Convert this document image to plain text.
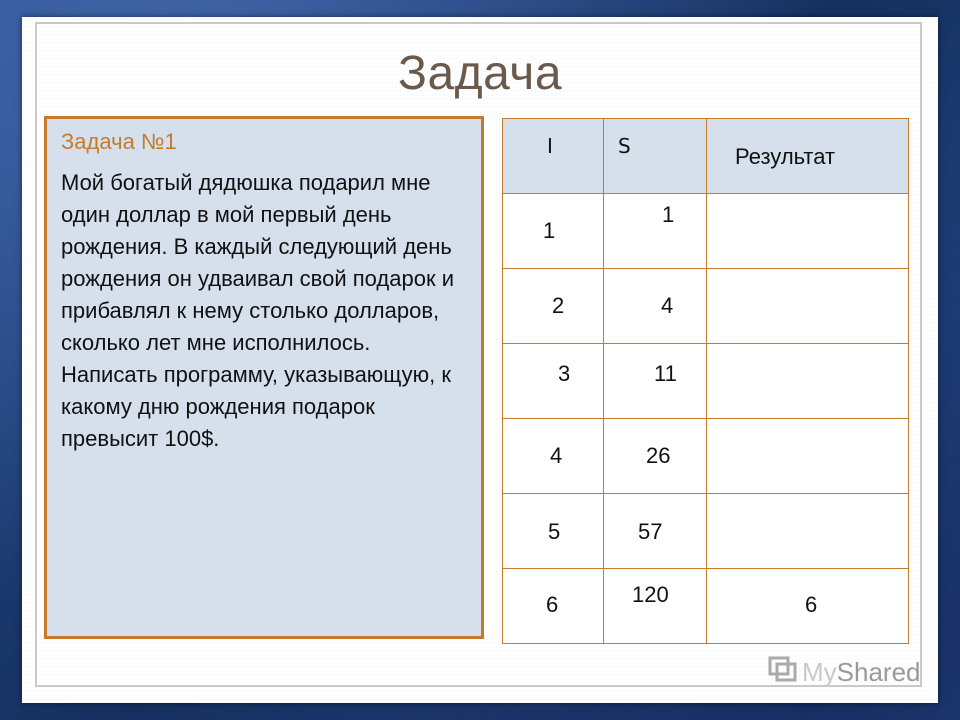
Задача
Задача №1

Мой богатый дядюшка подарил мне один доллар в мой первый день рождения. В каждый следующий день рождения он удваивал свой подарок и прибавлял к нему столько долларов, сколько лет мне исполнилось. Написать программу, указывающую, к какому дню рождения подарок превысит 100$.

I	S	Результат

1	1	

2	4	

3	11	

4	26	

5	57	

6	120	6
MyShared
